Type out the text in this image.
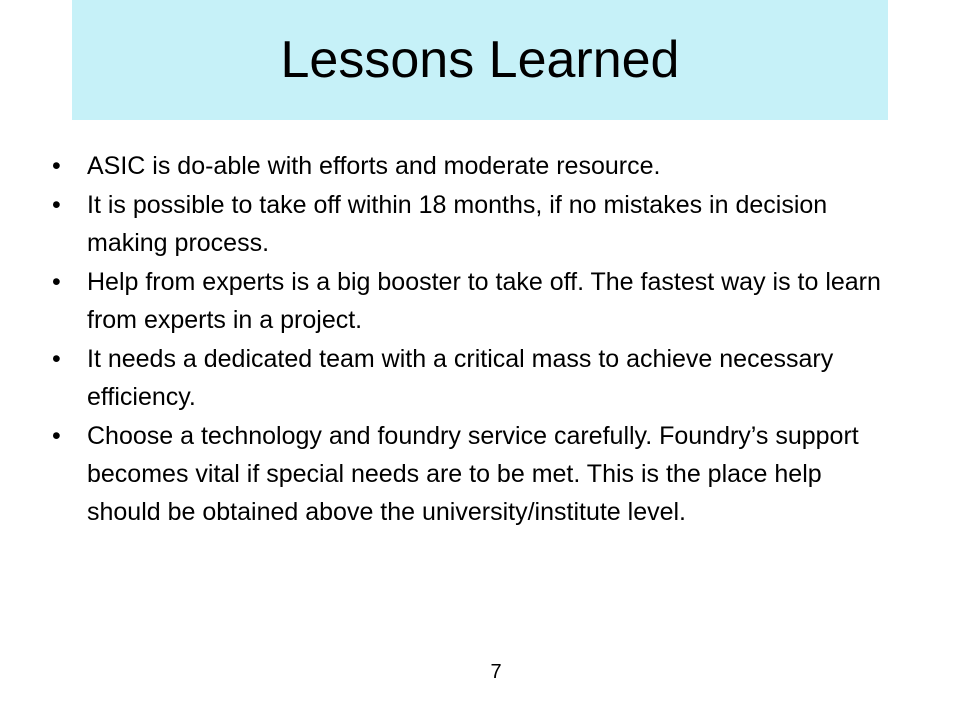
Lessons Learned
• ASIC is do-able with efforts and moderate resource.
• It is possible to take off within 18 months, if no mistakes in decision making process.
• Help from experts is a big booster to take off. The fastest way is to learn from experts in a project.
• It needs a dedicated team with a critical mass to achieve necessary efficiency.
• Choose a technology and foundry service carefully. Foundry’s support becomes vital if special needs are to be met. This is the place help should be obtained above the university/institute level.
7
